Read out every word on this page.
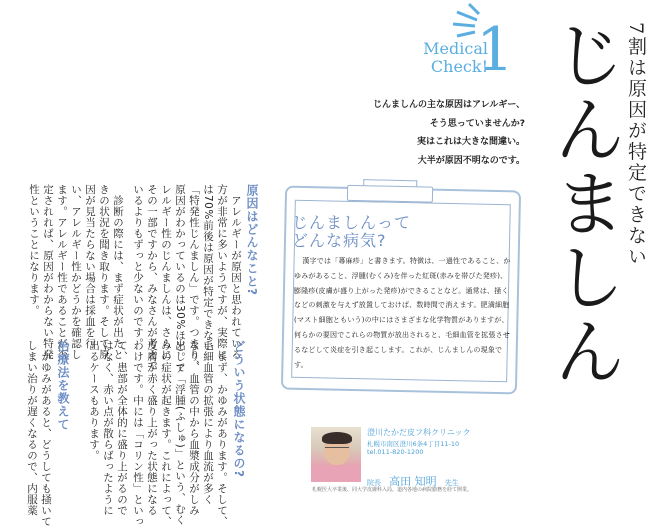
じんましん 7割は原因が特定できない
Medical
Check!
1
じんましんの主な原因はアレルギー、
そう思っていませんか?
実はこれは大きな間違い。
大半が原因不明なのです。
じんましんって
どんな病気?
漢字では「蕁麻疹」と書きます。特徴は、一過性であること、かゆみがあること、浮腫(むくみ)を伴った紅斑(赤みを帯びた発疹)、膨隆疹(皮膚が盛り上がった発疹)ができることなど。通常は、掻くなどの刺激を与えず放置しておけば、数時間で消えます。肥満細胞(マスト細胞ともいう)の中にはさまざまな化学物質がありますが、何らかの要因でこれらの物質が放出されると、毛細血管を拡張させるなどして炎症を引き起こします。これが、じんましんの現象です。
澄川たかだ皮フ科クリニック
札幌市南区澄川6条4丁目11-10
tel.011-820-1200
院長 高田 知明 先生
札幌医大卒業後、同大学皮膚科入局。道内各地の病院勤務を経て開業。
原因はどんなこと?
　アレルギーが原因と思われている
方が非常に多いようですが、実際に
は70%前後は原因が特定できない
「特発性じんましん」です。つまり、
原因がわかっているのは30%ほど。ア
レルギー性のじんましんは、さらに
その一部ですから、みなさんが考えて
いるよりもずっと少ないのです。
　診断の際には、まず症状が出たと
きの状況を聞き取ります。そして原
因が見当たらない場合は採血を行
い、アレルギー性かどうかを確認し
ます。アレルギー性であることが否
定されれば、原因がわからない特発
性ということになります。
どういう状態になるの?
　まず、かゆみがあります。そして、
毛細血管の拡張により血流が多く
なり、血管の中から血漿成分がしみ
出して「浮腫(ふしゅ)」という、むく
みの症状が起きます。これによって、
皮膚が赤く盛り上がった状態になる
わけです。中には「コリン性」といっ
て、患部が全体的に盛り上がるので
はなく、赤い点が散らばったように
出るケースもあります。
治療法を教えて
　かゆみがあると、どうしても掻いて
しまい治りが遅くなるので、内服薬
